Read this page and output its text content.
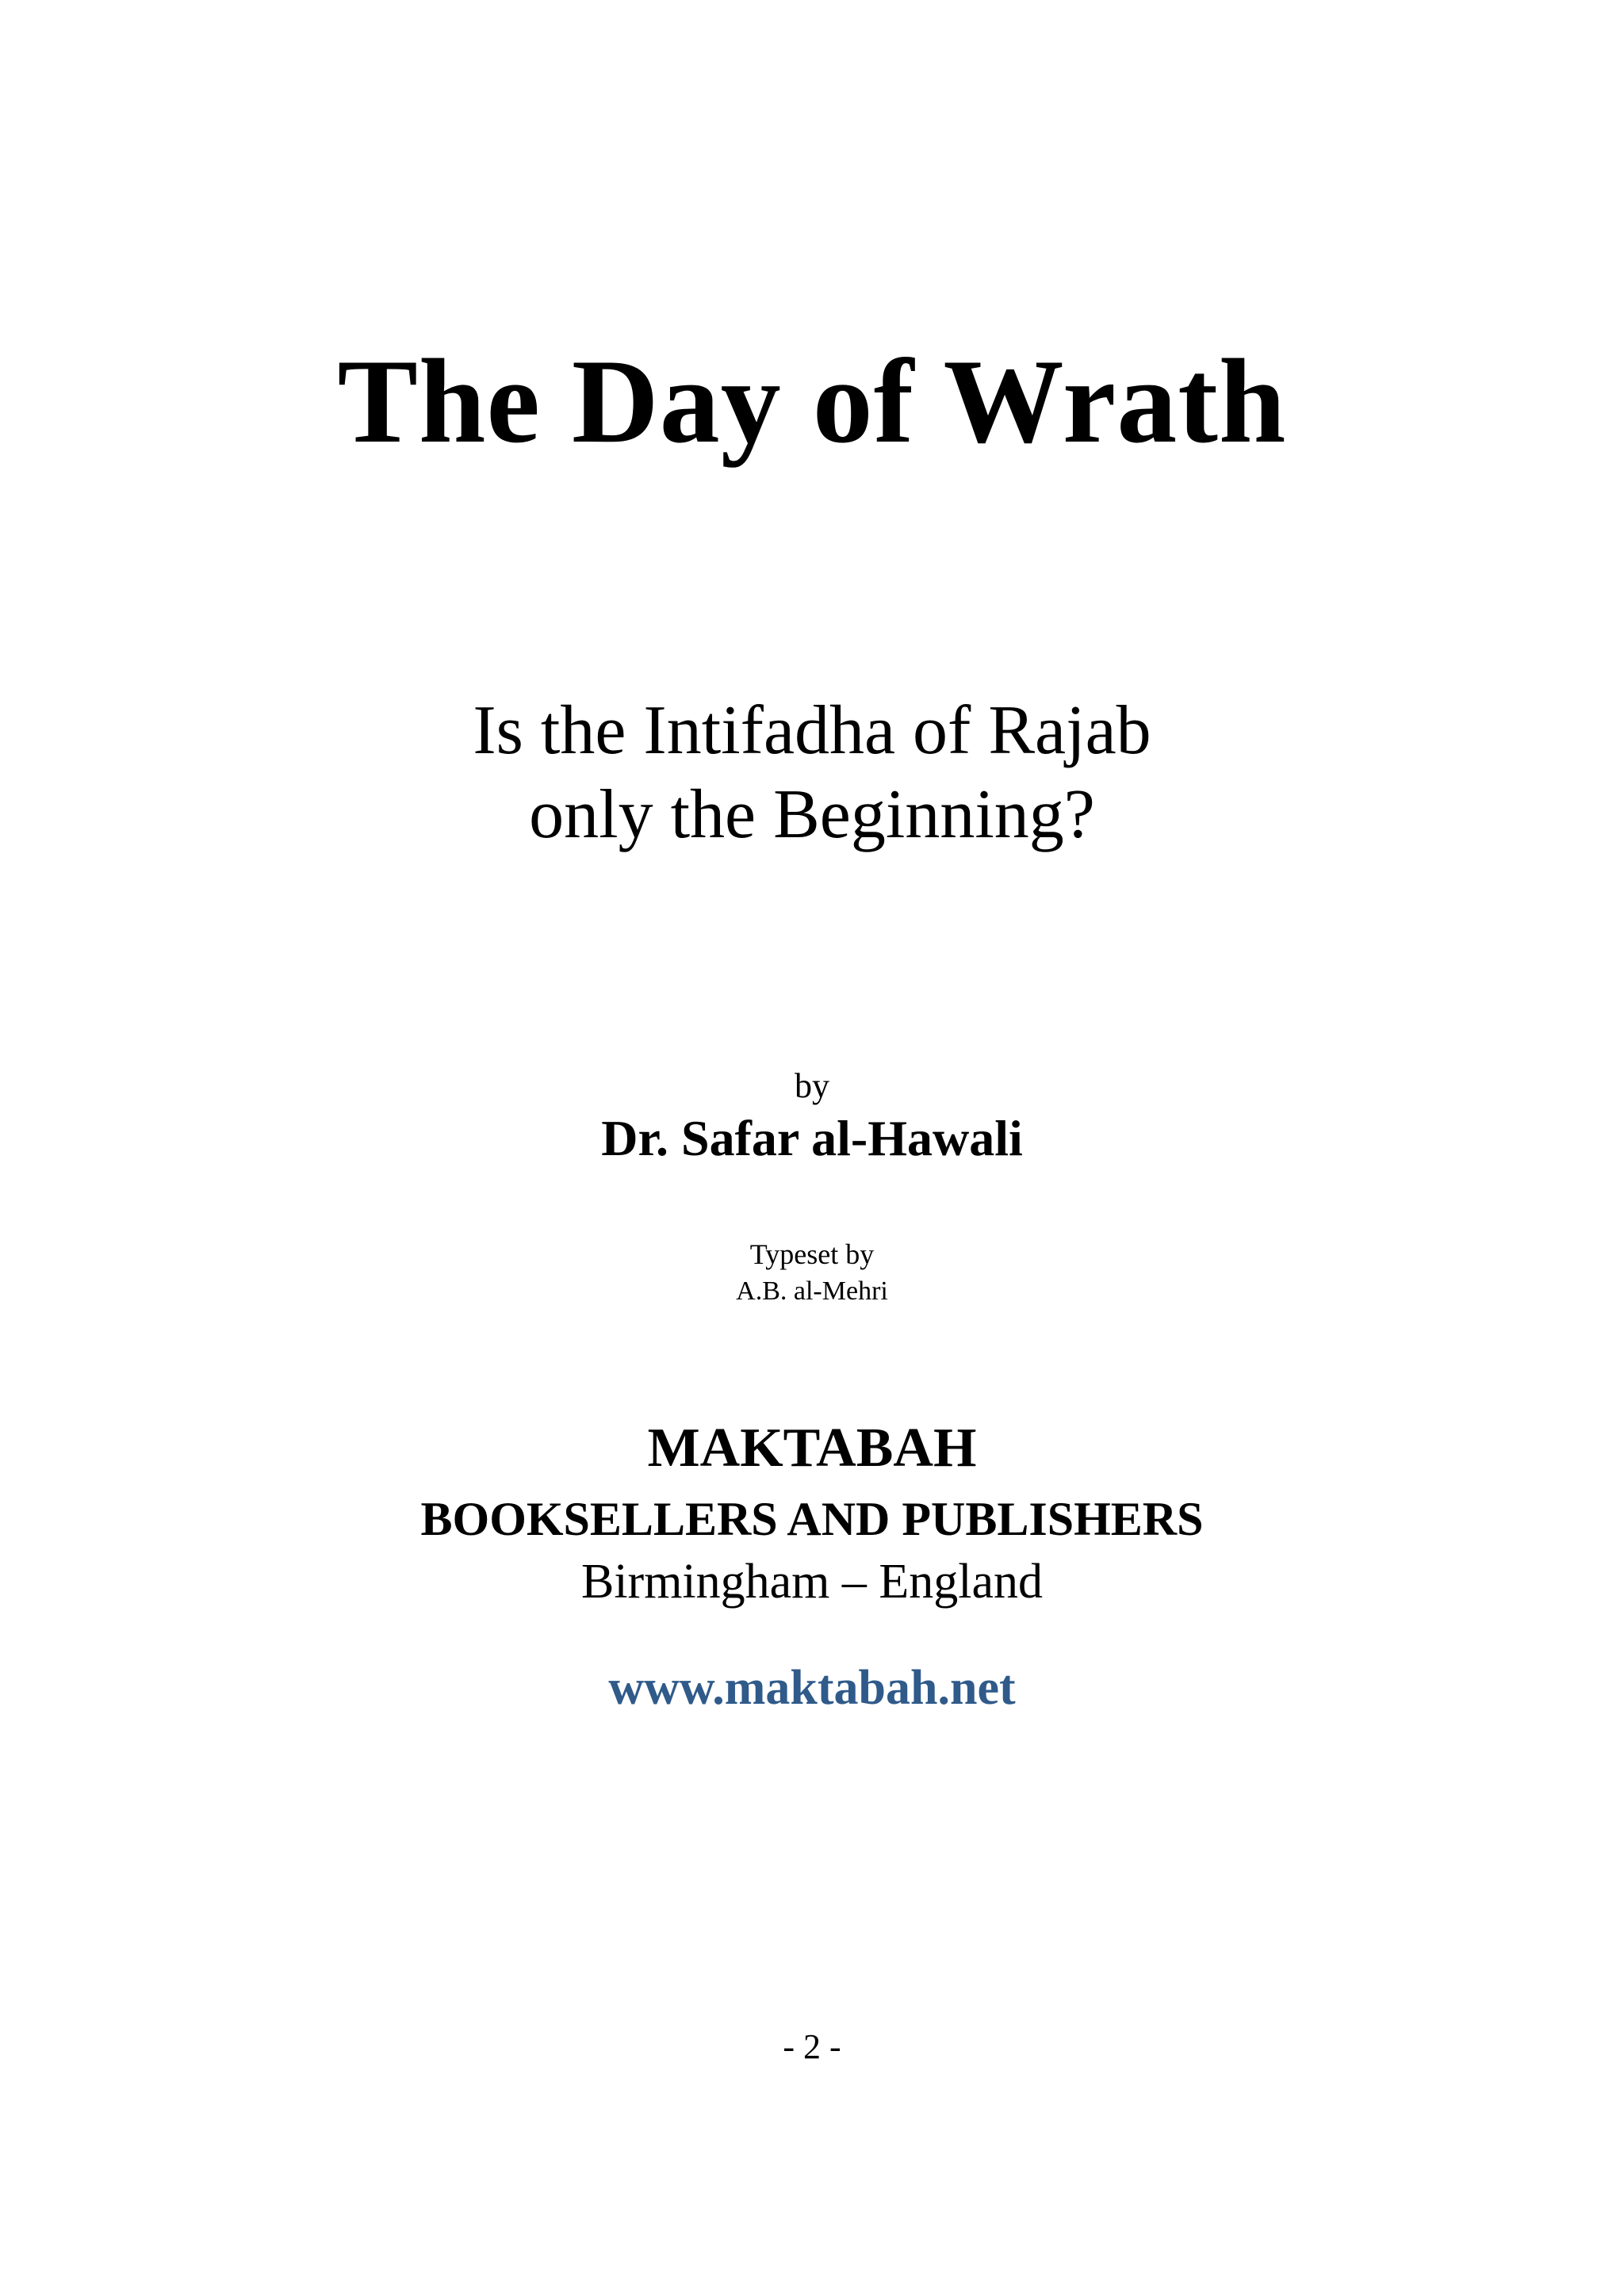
The Day of Wrath
Is the Intifadha of Rajab
only the Beginning?
by
Dr. Safar al-Hawali
Typeset by
A.B. al-Mehri
MAKTABAH
BOOKSELLERS AND PUBLISHERS
Birmingham – England
www.maktabah.net
- 2 -
